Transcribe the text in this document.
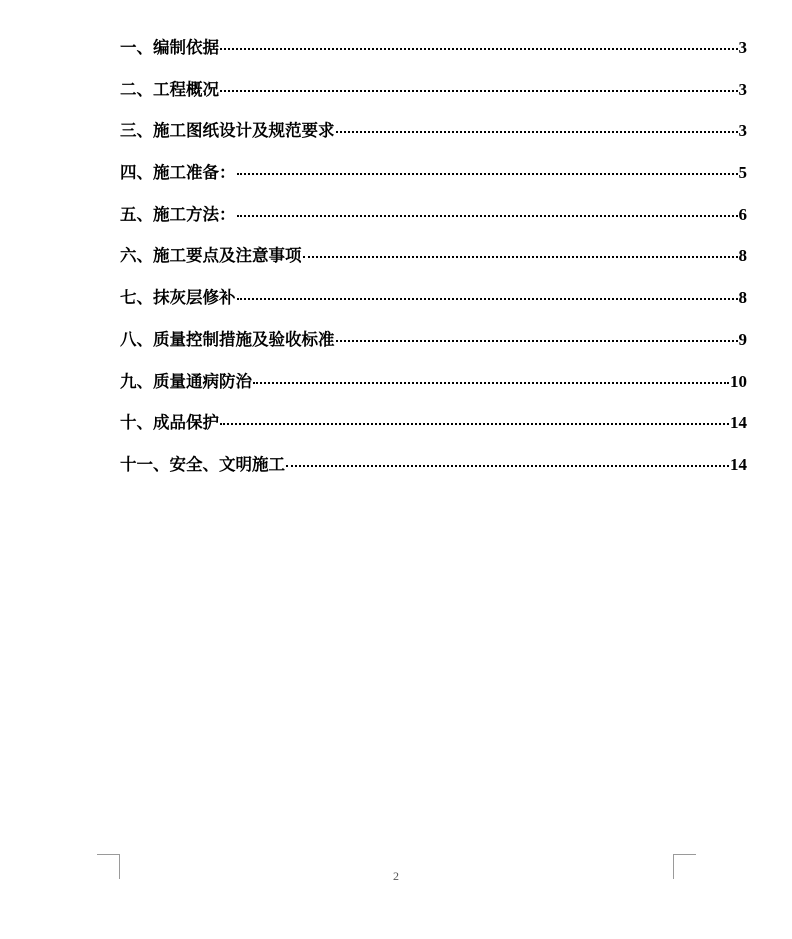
一、编制依据	3
二、工程概况	3
三、施工图纸设计及规范要求	3
四、施工准备：	5
五、施工方法：	6
六、施工要点及注意事项	8
七、抹灰层修补	8
八、质量控制措施及验收标准	9
九、质量通病防治	10
十、成品保护	14
十一、安全、文明施工	14
2
